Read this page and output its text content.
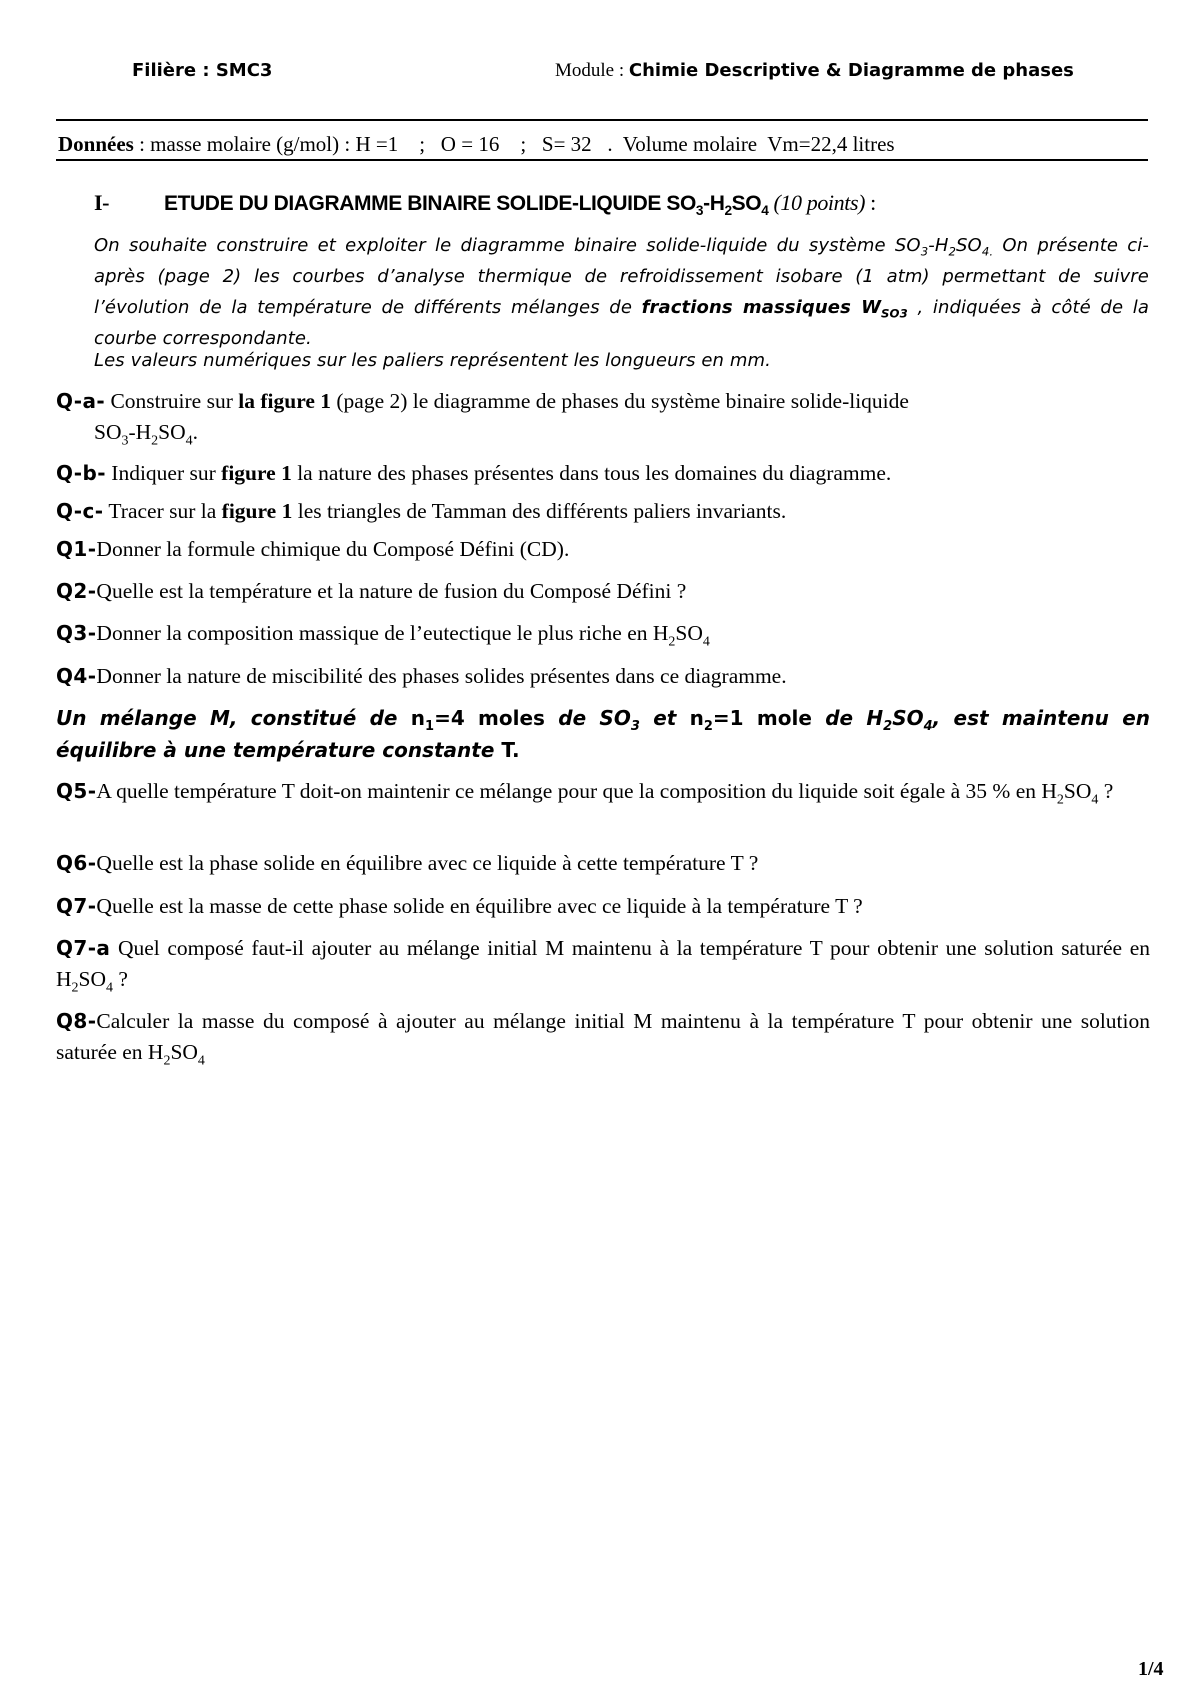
Filière : SMC3	Module : Chimie Descriptive & Diagramme de phases
Données : masse molaire (g/mol) : H =1    ;   O = 16    ;   S= 32   .  Volume molaire  Vm=22,4 litres
I-	ETUDE DU DIAGRAMME BINAIRE SOLIDE-LIQUIDE $SO_3-H_2SO_4$ (10 points) :
On souhaite construire et exploiter le diagramme binaire solide-liquide du système $SO_3-H_2SO_{4.}$ On présente ci-après (page 2) les courbes d’analyse thermique de refroidissement isobare (1 atm) permettant de suivre l’évolution de la température de différents mélanges de fractions massiques $W_{SO3}$ , indiquées à côté de la courbe correspondante.
Les valeurs numériques sur les paliers représentent les longueurs en mm.
Q-a- Construire sur la figure 1 (page 2) le diagramme de phases du système binaire solide-liquide
$SO_3-H_2SO_4$.
Q-b- Indiquer sur figure 1 la nature des phases présentes dans tous les domaines du diagramme.
Q-c- Tracer sur la figure 1 les triangles de Tamman des différents paliers invariants.
Q1-Donner la formule chimique du Composé Défini (CD).
Q2-Quelle est la température et la nature de fusion du Composé Défini ?
Q3-Donner la composition massique de l’eutectique le plus riche en $H_2SO_4$
Q4-Donner la nature de miscibilité des phases solides présentes dans ce diagramme.
Un mélange M, constitué de $n_1=4$ moles de $SO_3$ et $n_2=1$ mole de $H_2SO_4$, est maintenu en équilibre à une température constante T.
Q5-A quelle température T doit-on maintenir ce mélange pour que la composition du liquide soit égale à 35 % en $H_2SO_4$ ?
Q6-Quelle est la phase solide en équilibre avec ce liquide à cette température T ?
Q7-Quelle est la masse de cette phase solide en équilibre avec ce liquide à la température T ?
Q7-a Quel composé faut-il ajouter au mélange initial M maintenu à la température T pour obtenir une solution saturée en $H_2SO_4$ ?
Q8-Calculer la masse du composé à ajouter au mélange initial M maintenu à la température T pour obtenir une solution saturée en $H_2SO_4$
1/4
